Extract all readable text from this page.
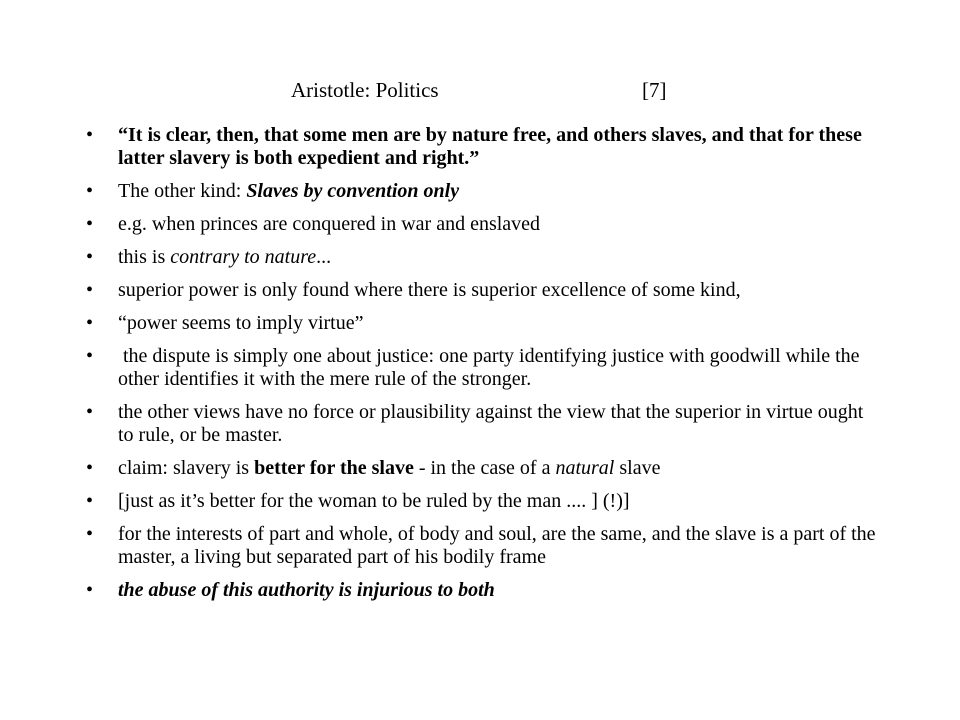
Aristotle: Politics	[7]
• “It is clear, then, that some men are by nature free, and others slaves, and that for these latter slavery is both expedient and right.”
• The other kind: Slaves by convention only
• e.g. when princes are conquered in war and enslaved
• this is contrary to nature...
• superior power is only found where there is superior excellence of some kind,
• “power seems to imply virtue”
• the dispute is simply one about justice: one party identifying justice with goodwill while the other identifies it with the mere rule of the stronger.
• the other views have no force or plausibility against the view that the superior in virtue ought to rule, or be master.
• claim: slavery is better for the slave - in the case of a natural slave
• [just as it’s better for the woman to be ruled by the man .... ] (!)]
• for the interests of part and whole, of body and soul, are the same, and the slave is a part of the master, a living but separated part of his bodily frame
• the abuse of this authority is injurious to both
